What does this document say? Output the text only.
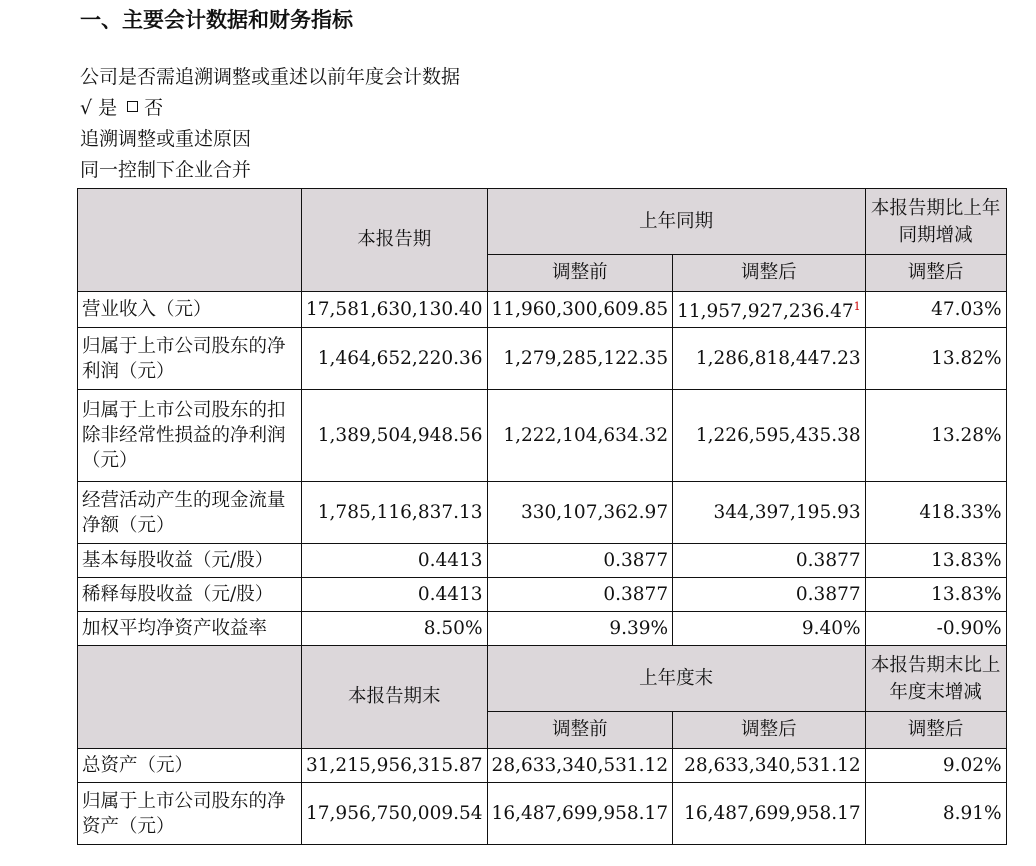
一、主要会计数据和财务指标
公司是否需追溯调整或重述以前年度会计数据
√ 是 否
追溯调整或重述原因
同一控制下企业合并
	本报告期	上年同期		本报告期比上年同期增减
		调整前	调整后	调整后
营业收入（元）	17,581,630,130.40	11,960,300,609.85	11,957,927,236.47$^1$	47.03%
归属于上市公司股东的净利润（元）	1,464,652,220.36	1,279,285,122.35	1,286,818,447.23	13.82%
归属于上市公司股东的扣除非经常性损益的净利润（元）	1,389,504,948.56	1,222,104,634.32	1,226,595,435.38	13.28%
经营活动产生的现金流量净额（元）	1,785,116,837.13	330,107,362.97	344,397,195.93	418.33%
基本每股收益（元/股）	0.4413	0.3877	0.3877	13.83%
稀释每股收益（元/股）	0.4413	0.3877	0.3877	13.83%
加权平均净资产收益率	8.50%	9.39%	9.40%	-0.90%
	本报告期末	上年度末		本报告期末比上年度末增减
		调整前	调整后	调整后
总资产（元）	31,215,956,315.87	28,633,340,531.12	28,633,340,531.12	9.02%
归属于上市公司股东的净资产（元）	17,956,750,009.54	16,487,699,958.17	16,487,699,958.17	8.91%
